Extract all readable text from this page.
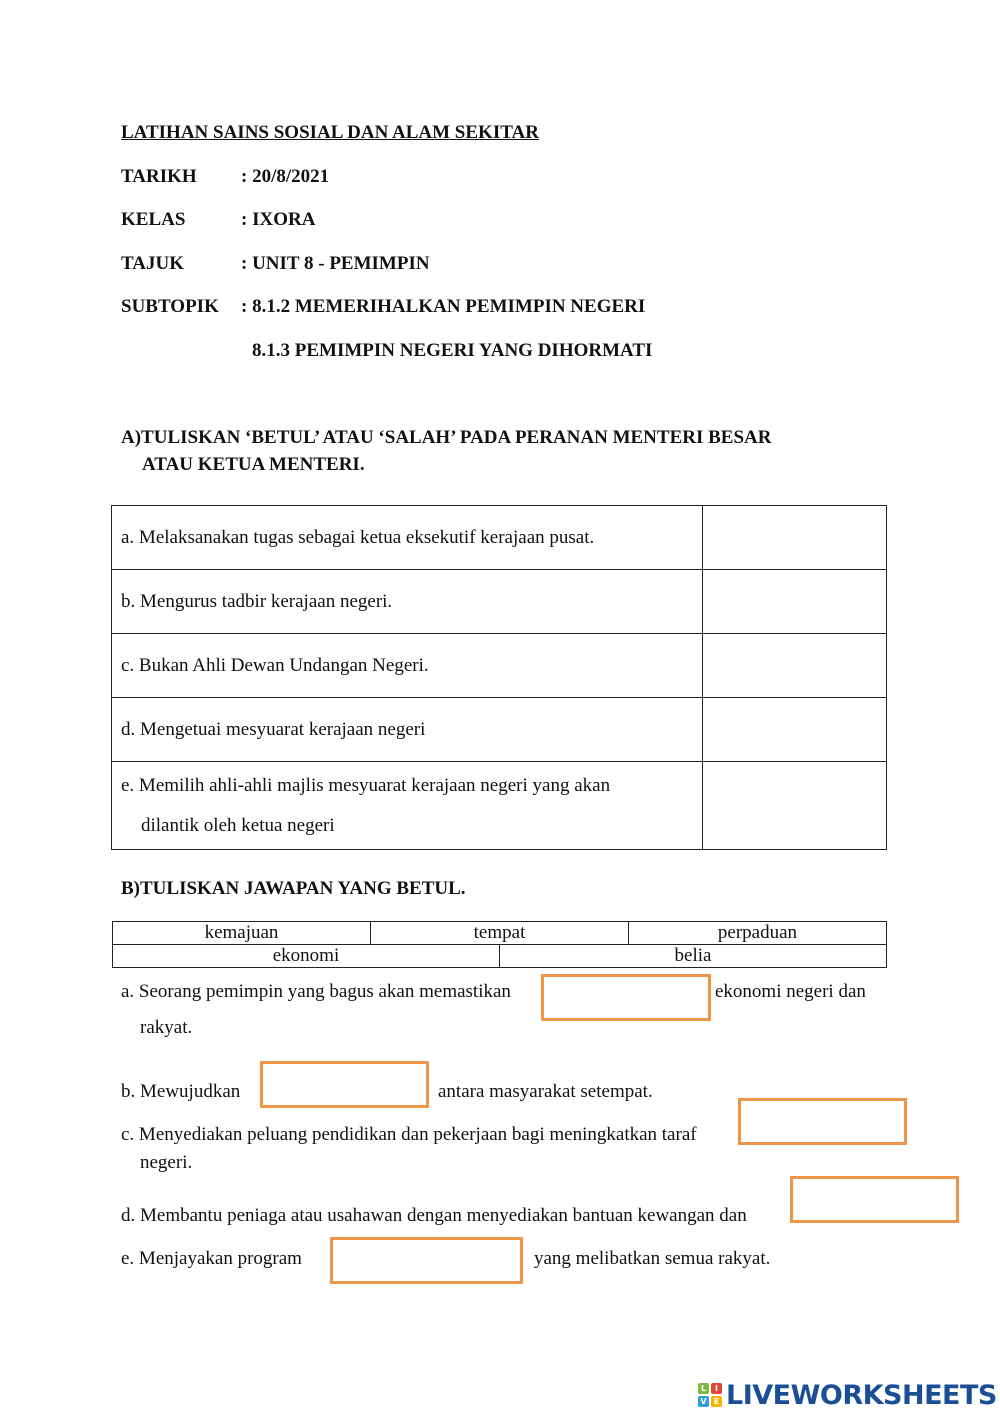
LATIHAN SAINS SOSIAL DAN ALAM SEKITAR
TARIKH : 20/8/2021
KELAS	: IXORA
TAJUK	: UNIT 8 - PEMIMPIN
SUBTOPIK : 8.1.2 MEMERIHALKAN PEMIMPIN NEGERI
8.1.3 PEMIMPIN NEGERI YANG DIHORMATI
A)TULISKAN ‘BETUL’ ATAU ‘SALAH’ PADA PERANAN MENTERI BESAR
ATAU KETUA MENTERI.
a. Melaksanakan tugas sebagai ketua eksekutif kerajaan pusat.	
b. Mengurus tadbir kerajaan negeri.	
c. Bukan Ahli Dewan Undangan Negeri.	
d. Mengetuai mesyuarat kerajaan negeri	
e. Memilih ahli-ahli majlis mesyuarat kerajaan negeri yang akan
dilantik oleh ketua negeri	

B)TULISKAN JAWAPAN YANG BETUL.
kemajuan	tempat	perpaduan
ekonomi	belia
a. Seorang pemimpin yang bagus akan memastikan	ekonomi negeri dan
rakyat.
b. Mewujudkan	antara masyarakat setempat.
c. Menyediakan peluang pendidikan dan pekerjaan bagi meningkatkan taraf
negeri.
d. Membantu peniaga atau usahawan dengan menyediakan bantuan kewangan dan
e. Menjayakan program	yang melibatkan semua rakyat.
L	I
V E LIVEWORKSHEETS
